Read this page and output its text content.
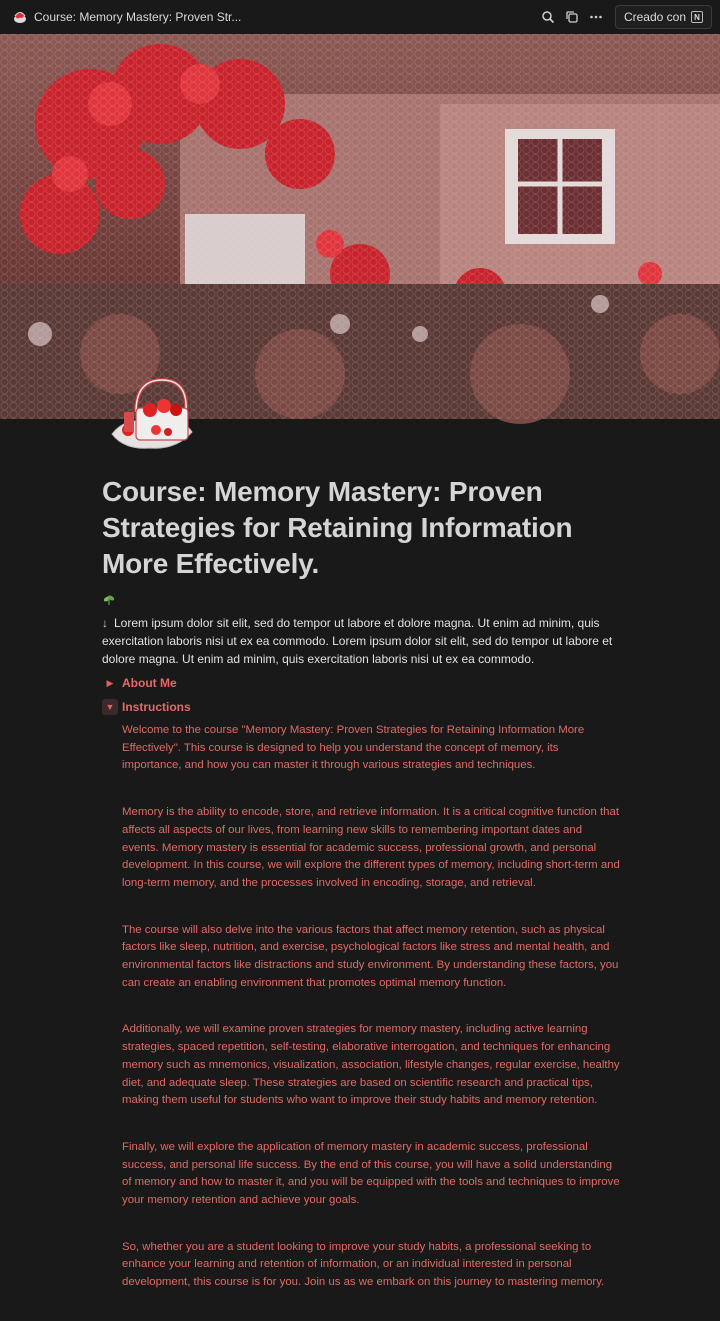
Course: Memory Mastery: Proven Str...	Creado con	N
Course: Memory Mastery: Proven Strategies for Retaining Information More Effectively.

↓ Lorem ipsum dolor sit elit, sed do tempor ut labore et dolore magna. Ut enim ad minim, quis exercitation laboris nisi ut ex ea commodo. Lorem ipsum dolor sit elit, sed do tempor ut labore et dolore magna. Ut enim ad minim, quis exercitation laboris nisi ut ex ea commodo.

▶ About Me
▼ Instructions

Welcome to the course "Memory Mastery: Proven Strategies for Retaining Information More Effectively". This course is designed to help you understand the concept of memory, its importance, and how you can master it through various strategies and techniques.

Memory is the ability to encode, store, and retrieve information. It is a critical cognitive function that affects all aspects of our lives, from learning new skills to remembering important dates and events. Memory mastery is essential for academic success, professional growth, and personal development. In this course, we will explore the different types of memory, including short-term and long-term memory, and the processes involved in encoding, storage, and retrieval.

The course will also delve into the various factors that affect memory retention, such as physical factors like sleep, nutrition, and exercise, psychological factors like stress and mental health, and environmental factors like distractions and study environment. By understanding these factors, you can create an enabling environment that promotes optimal memory function.

Additionally, we will examine proven strategies for memory mastery, including active learning strategies, spaced repetition, self-testing, elaborative interrogation, and techniques for enhancing memory such as mnemonics, visualization, association, lifestyle changes, regular exercise, healthy diet, and adequate sleep. These strategies are based on scientific research and practical tips, making them useful for students who want to improve their study habits and memory retention.

Finally, we will explore the application of memory mastery in academic success, professional success, and personal life success. By the end of this course, you will have a solid understanding of memory and how to master it, and you will be equipped with the tools and techniques to improve your memory retention and achieve your goals.

So, whether you are a student looking to improve your study habits, a professional seeking to enhance your learning and retention of information, or an individual interested in personal development, this course is for you. Join us as we embark on this journey to mastering memory.
